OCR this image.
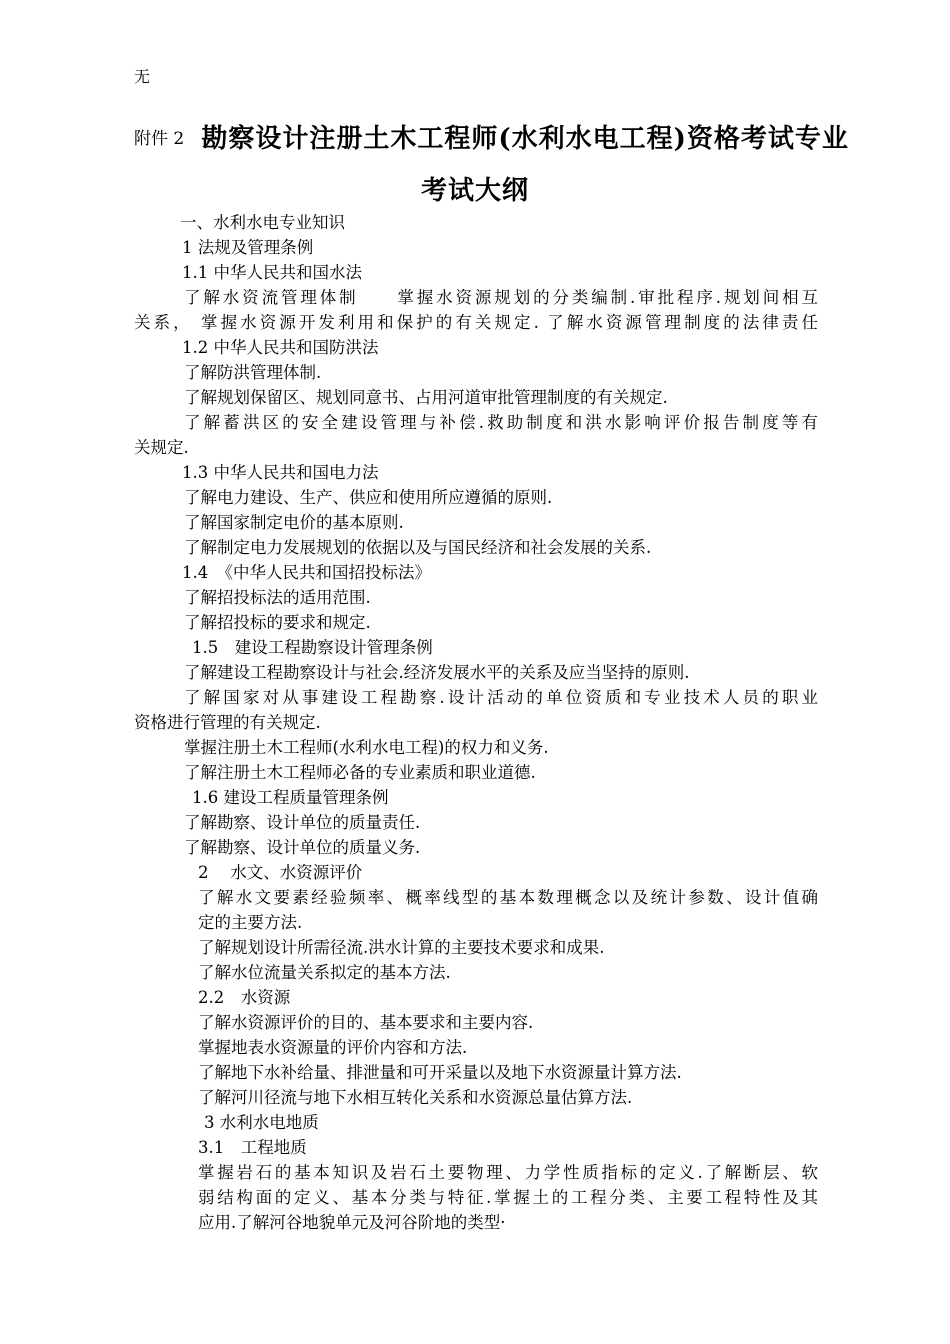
无
附件 2 勘察设计注册土木工程师(水利水电工程)资格考试专业
考试大纲
一、水利水电专业知识
1 法规及管理条例
1.1 中华人民共和国水法
了解水资流管理体制　　掌握水资源规划的分类编制.审批程序.规划间相互
关系， 掌握水资源开发利用和保护的有关规定. 了解水资源管理制度的法律责任
1.2 中华人民共和国防洪法
了解防洪管理体制.
了解规划保留区、规划同意书、占用河道审批管理制度的有关规定.
了解蓄洪区的安全建设管理与补偿.救助制度和洪水影响评价报告制度等有
关规定.
1.3 中华人民共和国电力法
了解电力建设、生产、供应和使用所应遵循的原则.
了解国家制定电价的基本原则.
了解制定电力发展规划的依据以及与国民经济和社会发展的关系.
1.4　《中华人民共和国招投标法》
了解招投标法的适用范围.
了解招投标的要求和规定.
1.5　建设工程勘察设计管理条例
了解建设工程勘察设计与社会.经济发展水平的关系及应当坚持的原则.
了解国家对从事建设工程勘察.设计活动的单位资质和专业技术人员的职业
资格进行管理的有关规定.
掌握注册土木工程师(水利水电工程)的权力和义务.
了解注册土木工程师必备的专业素质和职业道德.
1.6 建设工程质量管理条例
了解勘察、设计单位的质量责任.
了解勘察、设计单位的质量义务.
2　 水文、水资源评价
了解水文要素经验频率、概率线型的基本数理概念以及统计参数、设计值确
定的主要方法.
了解规划设计所需径流.洪水计算的主要技术要求和成果.
了解水位流量关系拟定的基本方法.
2.2　水资源
了解水资源评价的目的、基本要求和主要内容.
掌握地表水资源量的评价内容和方法.
了解地下水补给量、排泄量和可开采量以及地下水资源量计算方法.
了解河川径流与地下水相互转化关系和水资源总量估算方法.
3 水利水电地质
3.1　工程地质
掌握岩石的基本知识及岩石土要物理、力学性质指标的定义.了解断层、软
弱结构面的定义、基本分类与特征.掌握土的工程分类、主要工程特性及其
应用.了解河谷地貌单元及河谷阶地的类型·
